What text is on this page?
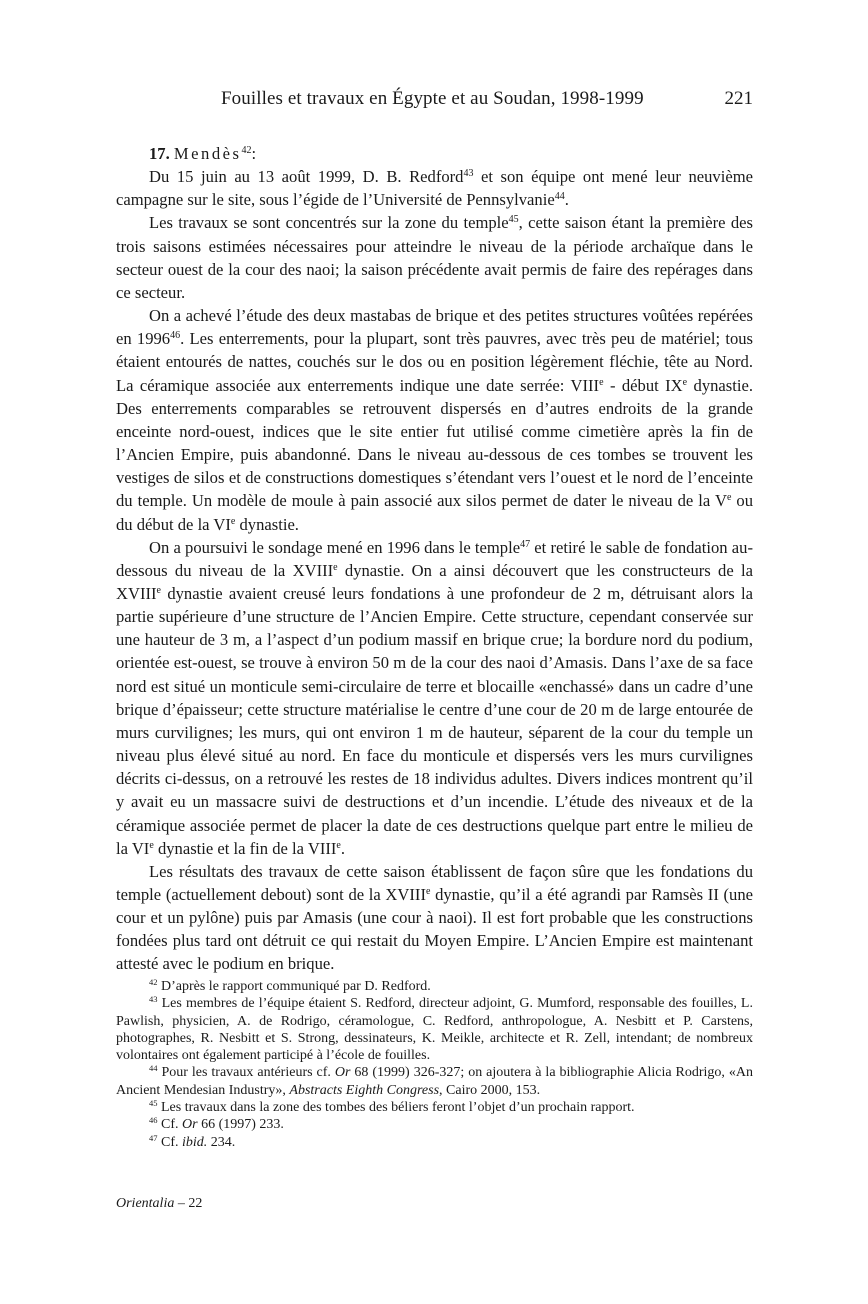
Fouilles et travaux en Égypte et au Soudan, 1998-1999	221

17. Mendès$^{42}$:

Du 15 juin au 13 août 1999, D. B. Redford$^{43}$ et son équipe ont mené leur neuvième campagne sur le site, sous l’égide de l’Université de Pennsylvanie$^{44}$.

Les travaux se sont concentrés sur la zone du temple$^{45}$, cette saison étant la première des trois saisons estimées nécessaires pour atteindre le niveau de la période archaïque dans le secteur ouest de la cour des naoi; la saison précédente avait permis de faire des repérages dans ce secteur.

On a achevé l’étude des deux mastabas de brique et des petites structures voûtées repérées en 1996$^{46}$. Les enterrements, pour la plupart, sont très pauvres, avec très peu de matériel; tous étaient entourés de nattes, couchés sur le dos ou en position légèrement fléchie, tête au Nord. La céramique associée aux enterrements indique une date serrée: VIIIe - début IXe dynastie. Des enterrements comparables se retrouvent dispersés en d’autres endroits de la grande enceinte nord-ouest, indices que le site entier fut utilisé comme cimetière après la fin de l’Ancien Empire, puis abandonné. Dans le niveau au-dessous de ces tombes se trouvent les vestiges de silos et de constructions domestiques s’étendant vers l’ouest et le nord de l’enceinte du temple. Un modèle de moule à pain associé aux silos permet de dater le niveau de la Ve ou du début de la VIe dynastie.

On a poursuivi le sondage mené en 1996 dans le temple$^{47}$ et retiré le sable de fondation au-dessous du niveau de la XVIIIe dynastie. On a ainsi découvert que les constructeurs de la XVIIIe dynastie avaient creusé leurs fondations à une profondeur de 2 m, détruisant alors la partie supérieure d’une structure de l’Ancien Empire. Cette structure, cependant conservée sur une hauteur de 3 m, a l’aspect d’un podium massif en brique crue; la bordure nord du podium, orientée est-ouest, se trouve à environ 50 m de la cour des naoi d’Amasis. Dans l’axe de sa face nord est situé un monticule semi-circulaire de terre et blocaille «enchassé» dans un cadre d’une brique d’épaisseur; cette structure matérialise le centre d’une cour de 20 m de large entourée de murs curvilignes; les murs, qui ont environ 1 m de hauteur, séparent de la cour du temple un niveau plus élevé situé au nord. En face du monticule et dispersés vers les murs curvilignes décrits ci-dessus, on a retrouvé les restes de 18 individus adultes. Divers indices montrent qu’il y avait eu un massacre suivi de destructions et d’un incendie. L’étude des niveaux et de la céramique associée permet de placer la date de ces destructions quelque part entre le milieu de la VIe dynastie et la fin de la VIIIe.

Les résultats des travaux de cette saison établissent de façon sûre que les fondations du temple (actuellement debout) sont de la XVIIIe dynastie, qu’il a été agrandi par Ramsès II (une cour et un pylône) puis par Amasis (une cour à naoi). Il est fort probable que les constructions fondées plus tard ont détruit ce qui restait du Moyen Empire. L’Ancien Empire est maintenant attesté avec le podium en brique.

$^{42}$ D’après le rapport communiqué par D. Redford.

$^{43}$ Les membres de l’équipe étaient S. Redford, directeur adjoint, G. Mumford, responsable des fouilles, L. Pawlish, physicien, A. de Rodrigo, céramologue, C. Redford, anthropologue, A. Nesbitt et P. Carstens, photographes, R. Nesbitt et S. Strong, dessinateurs, K. Meikle, architecte et R. Zell, intendant; de nombreux volontaires ont également participé à l’école de fouilles.

$^{44}$ Pour les travaux antérieurs cf. Or 68 (1999) 326-327; on ajoutera à la bibliographie Alicia Rodrigo, «An Ancient Mendesian Industry», Abstracts Eighth Congress, Cairo 2000, 153.

$^{45}$ Les travaux dans la zone des tombes des béliers feront l’objet d’un prochain rapport.

$^{46}$ Cf. Or 66 (1997) 233.

$^{47}$ Cf. ibid. 234.

Orientalia – 22
